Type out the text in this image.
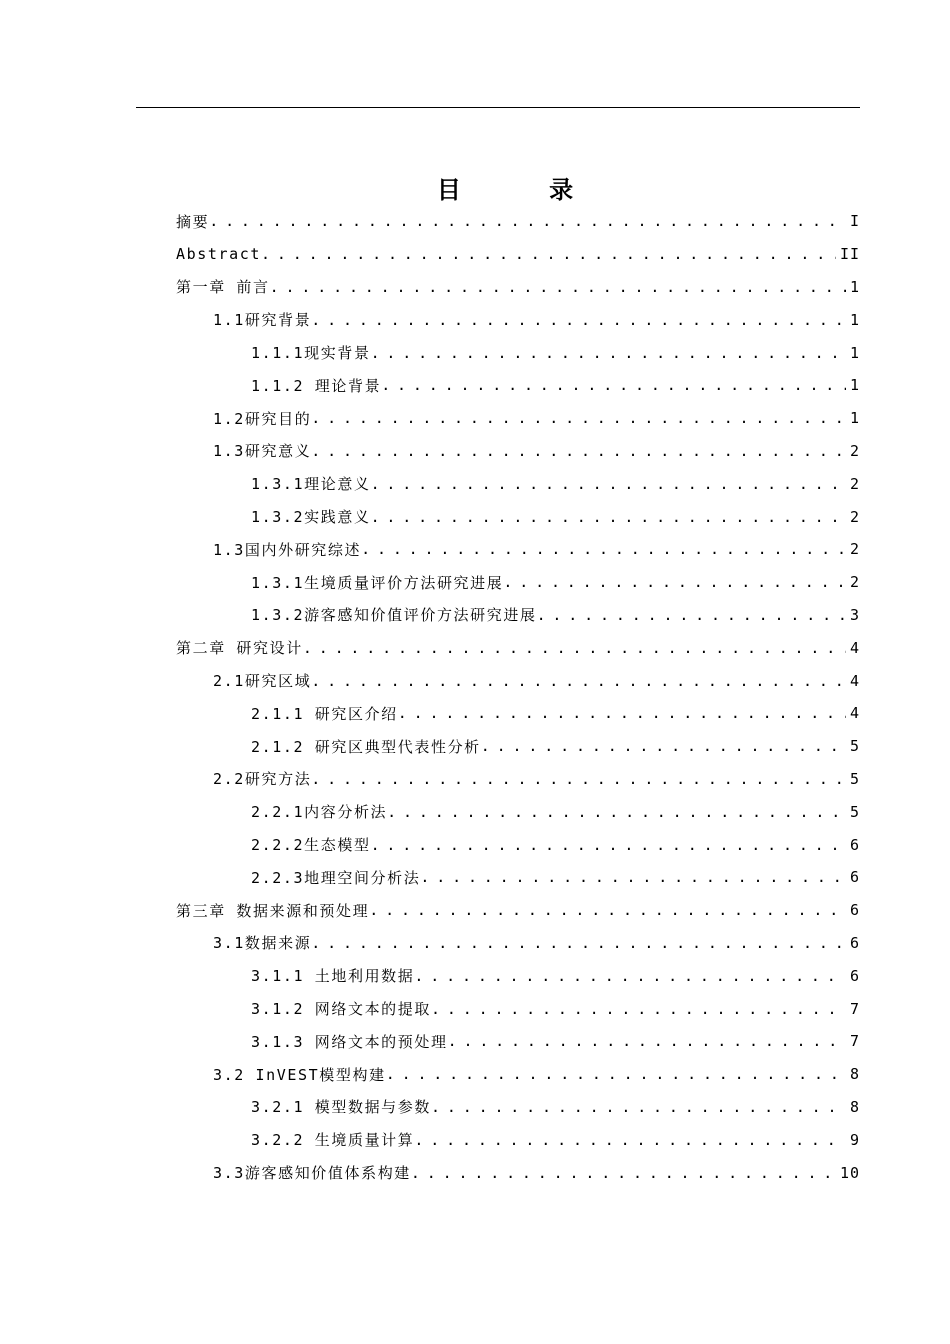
目 录
摘要 . . .	I
Abstract . . .	II
第一章 前言 . . .	1
1.1研究背景 . . .	1
1.1.1现实背景 . . .	1
1.1.2 理论背景 . . .	1
1.2研究目的 . . .	1
1.3研究意义 . . .	2
1.3.1理论意义 . . .	2
1.3.2实践意义 . . .	2
1.3国内外研究综述 . . .	2
1.3.1生境质量评价方法研究进展 . . .	2
1.3.2游客感知价值评价方法研究进展 . . .	3
第二章 研究设计 . . .	4
2.1研究区域 . . .	4
2.1.1 研究区介绍 . . .	4
2.1.2 研究区典型代表性分析 . . .	5
2.2研究方法 . . .	5
2.2.1内容分析法 . . .	5
2.2.2生态模型 . . .	6
2.2.3地理空间分析法 . . .	6
第三章 数据来源和预处理 . . .	6
3.1数据来源 . . .	6
3.1.1 土地利用数据 . . .	6
3.1.2 网络文本的提取 . . .	7
3.1.3 网络文本的预处理 . . .	7
3.2 InVEST模型构建 . . .	8
3.2.1 模型数据与参数 . . .	8
3.2.2 生境质量计算 . . .	9
3.3游客感知价值体系构建 . . .	10
